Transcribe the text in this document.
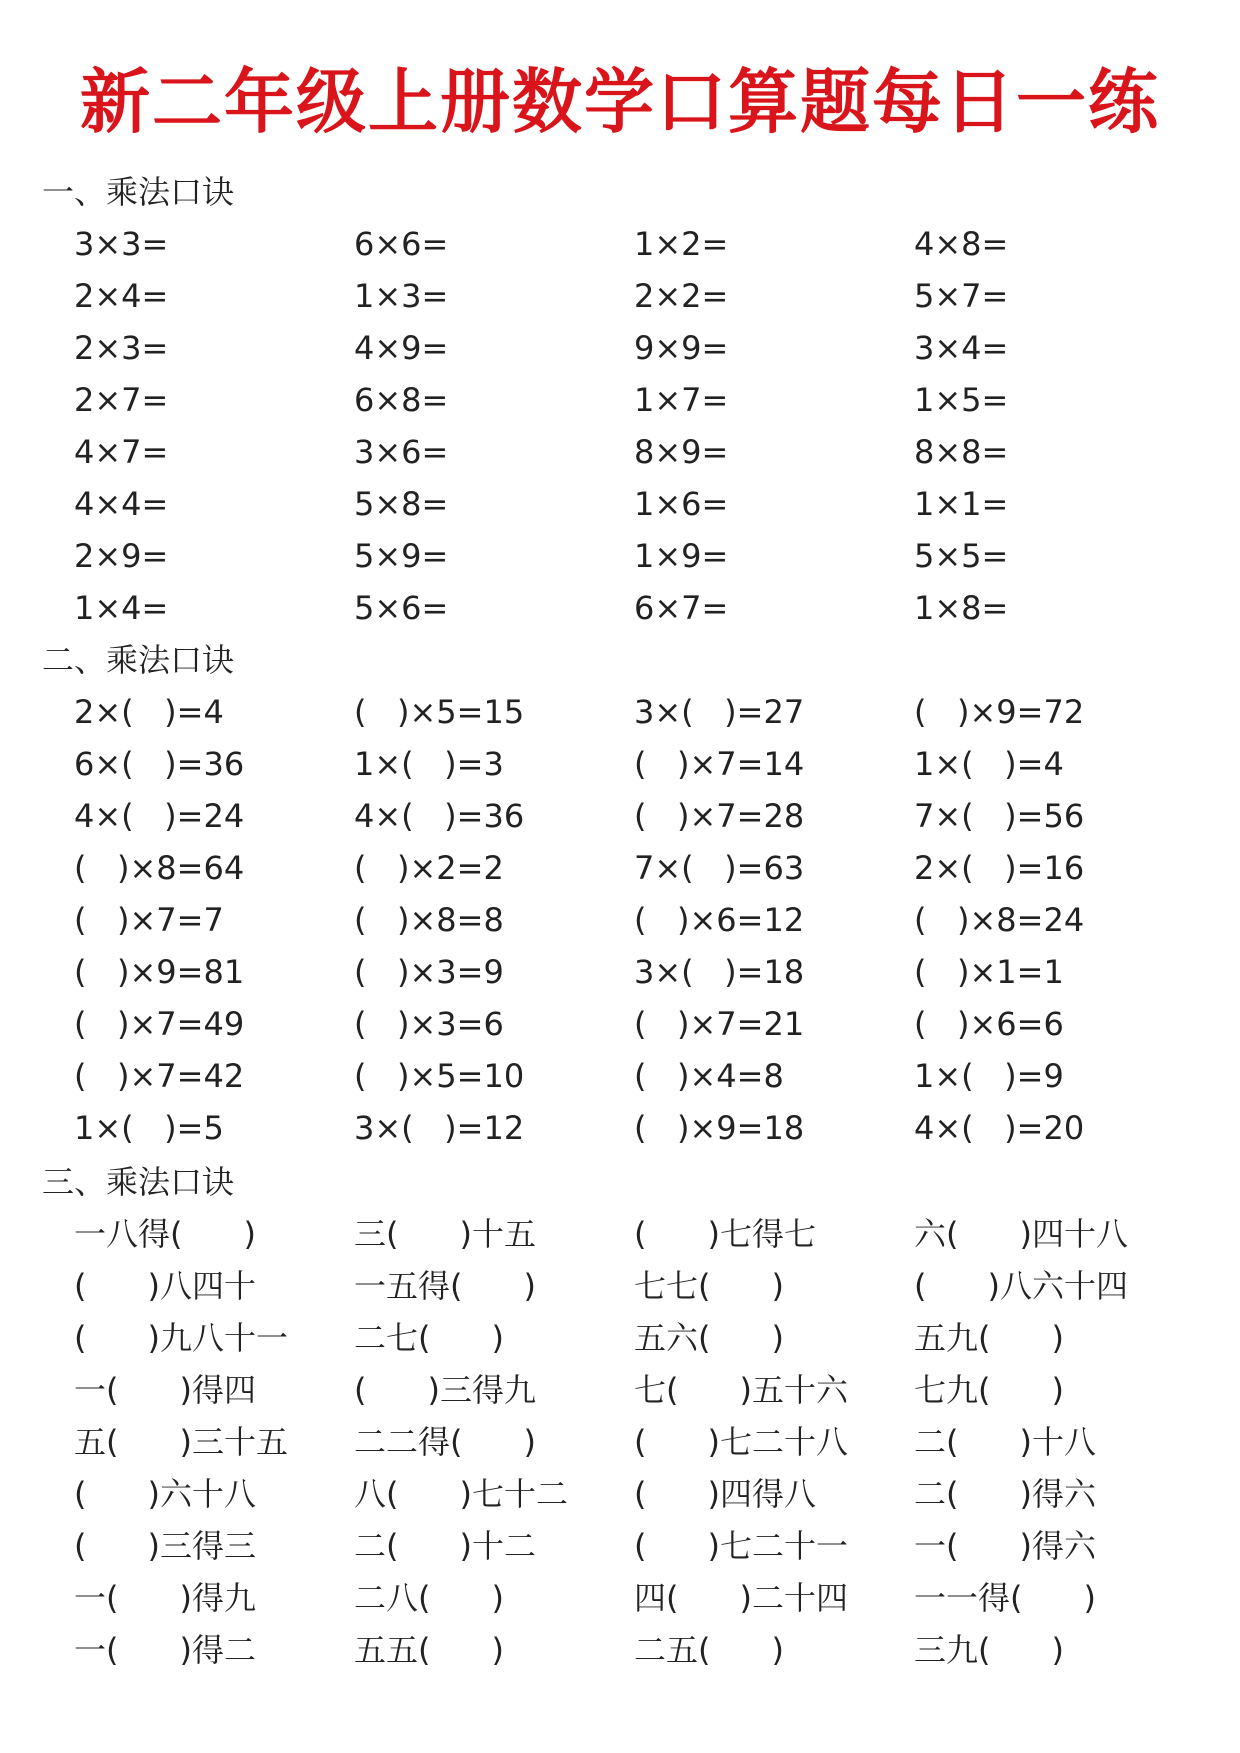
新二年级上册数学口算题每日一练
一、乘法口诀
3×3=	6×6=	1×2=	4×8=
2×4=	1×3=	2×2=	5×7=
2×3=	4×9=	9×9=	3×4=
2×7=	6×8=	1×7=	1×5=
4×7=	3×6=	8×9=	8×8=
4×4=	5×8=	1×6=	1×1=
2×9=	5×9=	1×9=	5×5=
1×4=	5×6=	6×7=	1×8=
二、乘法口诀
2×(   )=4	(   )×5=15	3×(   )=27	(   )×9=72
6×(   )=36	1×(   )=3	(   )×7=14	1×(   )=4
4×(   )=24	4×(   )=36	(   )×7=28	7×(   )=56
(   )×8=64	(   )×2=2	7×(   )=63	2×(   )=16
(   )×7=7	(   )×8=8	(   )×6=12	(   )×8=24
(   )×9=81	(   )×3=9	3×(   )=18	(   )×1=1
(   )×7=49	(   )×3=6	(   )×7=21	(   )×6=6
(   )×7=42	(   )×5=10	(   )×4=8	1×(   )=9
1×(   )=5	3×(   )=12	(   )×9=18	4×(   )=20
三、乘法口诀
一八得(      )	三(      )十五	(      )七得七	六(      )四十八
(      )八四十	一五得(      )	七七(      )	(      )八六十四
(      )九八十一	二七(      )	五六(      )	五九(      )
一(      )得四	(      )三得九	七(      )五十六	七九(      )
五(      )三十五	二二得(      )	(      )七二十八	二(      )十八
(      )六十八	八(      )七十二	(      )四得八	二(      )得六
(      )三得三	二(      )十二	(      )七二十一	一(      )得六
一(      )得九	二八(      )	四(      )二十四	一一得(      )
一(      )得二	五五(      )	二五(      )	三九(      )
